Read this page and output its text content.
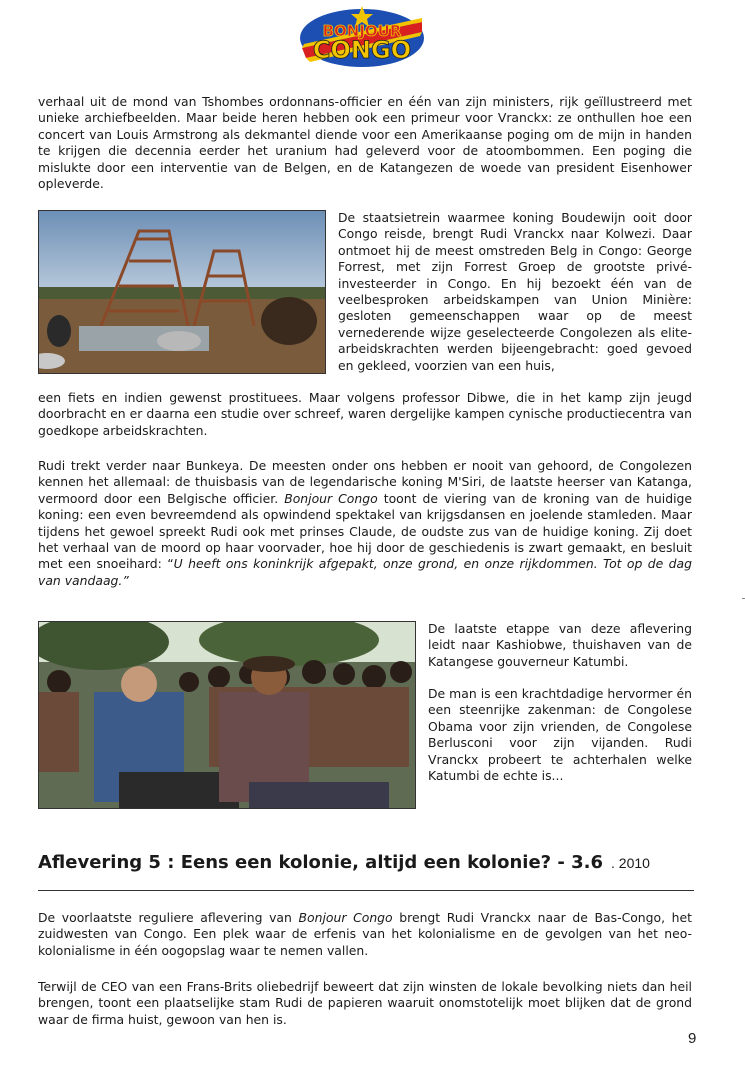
BONJOUR
CONGO

verhaal uit de mond van Tshombes ordonnans-officier en één van zijn ministers, rijk geïllustreerd met unieke archiefbeelden. Maar beide heren hebben ook een primeur voor Vranckx: ze onthullen hoe een concert van Louis Armstrong als dekmantel diende voor een Amerikaanse poging om de mijn in handen te krijgen die decennia eerder het uranium had geleverd voor de atoombommen. Een poging die mislukte door een interventie van de Belgen, en de Katangezen de woede van president Eisenhower opleverde.

De staatsietrein waarmee koning Boudewijn ooit door Congo reisde, brengt Rudi Vranckx naar Kolwezi. Daar ontmoet hij de meest omstreden Belg in Congo: George Forrest, met zijn Forrest Groep de grootste privé-investeerder in Congo. En hij bezoekt één van de veelbesproken arbeidskampen van Union Minière: gesloten gemeenschappen waar op de meest vernederende wijze geselecteerde Congolezen als elite-arbeidskrachten werden bijeengebracht: goed gevoed en gekleed, voorzien van een huis,

een fiets en indien gewenst prostituees. Maar volgens professor Dibwe, die in het kamp zijn jeugd doorbracht en er daarna een studie over schreef, waren dergelijke kampen cynische productiecentra van goedkope arbeidskrachten.

Rudi trekt verder naar Bunkeya. De meesten onder ons hebben er nooit van gehoord, de Congolezen kennen het allemaal: de thuisbasis van de legendarische koning M'Siri, de laatste heerser van Katanga, vermoord door een Belgische officier. Bonjour Congo toont de viering van de kroning van de huidige koning: een even bevreemdend als opwindend spektakel van krijgsdansen en joelende stamleden. Maar tijdens het gewoel spreekt Rudi ook met prinses Claude, de oudste zus van de huidige koning. Zij doet het verhaal van de moord op haar voorvader, hoe hij door de geschiedenis is zwart gemaakt, en besluit met een snoeihard: “U heeft ons koninkrijk afgepakt, onze grond, en onze rijkdommen. Tot op de dag van vandaag.”

De laatste etappe van deze aflevering leidt naar Kashiobwe, thuishaven van de Katangese gouverneur Katumbi.

De man is een krachtdadige hervormer én een steenrijke zakenman: de Congolese Obama voor zijn vrienden, de Congolese Berlusconi voor zijn vijanden. Rudi Vranckx probeert te achterhalen welke Katumbi de echte is...

Aflevering 5 : Eens een kolonie, altijd een kolonie? - 3.6 . 2010

De voorlaatste reguliere aflevering van Bonjour Congo brengt Rudi Vranckx naar de Bas-Congo, het zuidwesten van Congo. Een plek waar de erfenis van het kolonialisme en de gevolgen van het neo-kolonialisme in één oogopslag waar te nemen vallen.

Terwijl de CEO van een Frans-Brits oliebedrijf beweert dat zijn winsten de lokale bevolking niets dan heil brengen, toont een plaatselijke stam Rudi de papieren waaruit onomstotelijk moet blijken dat de grond waar de firma huist, gewoon van hen is.

9
